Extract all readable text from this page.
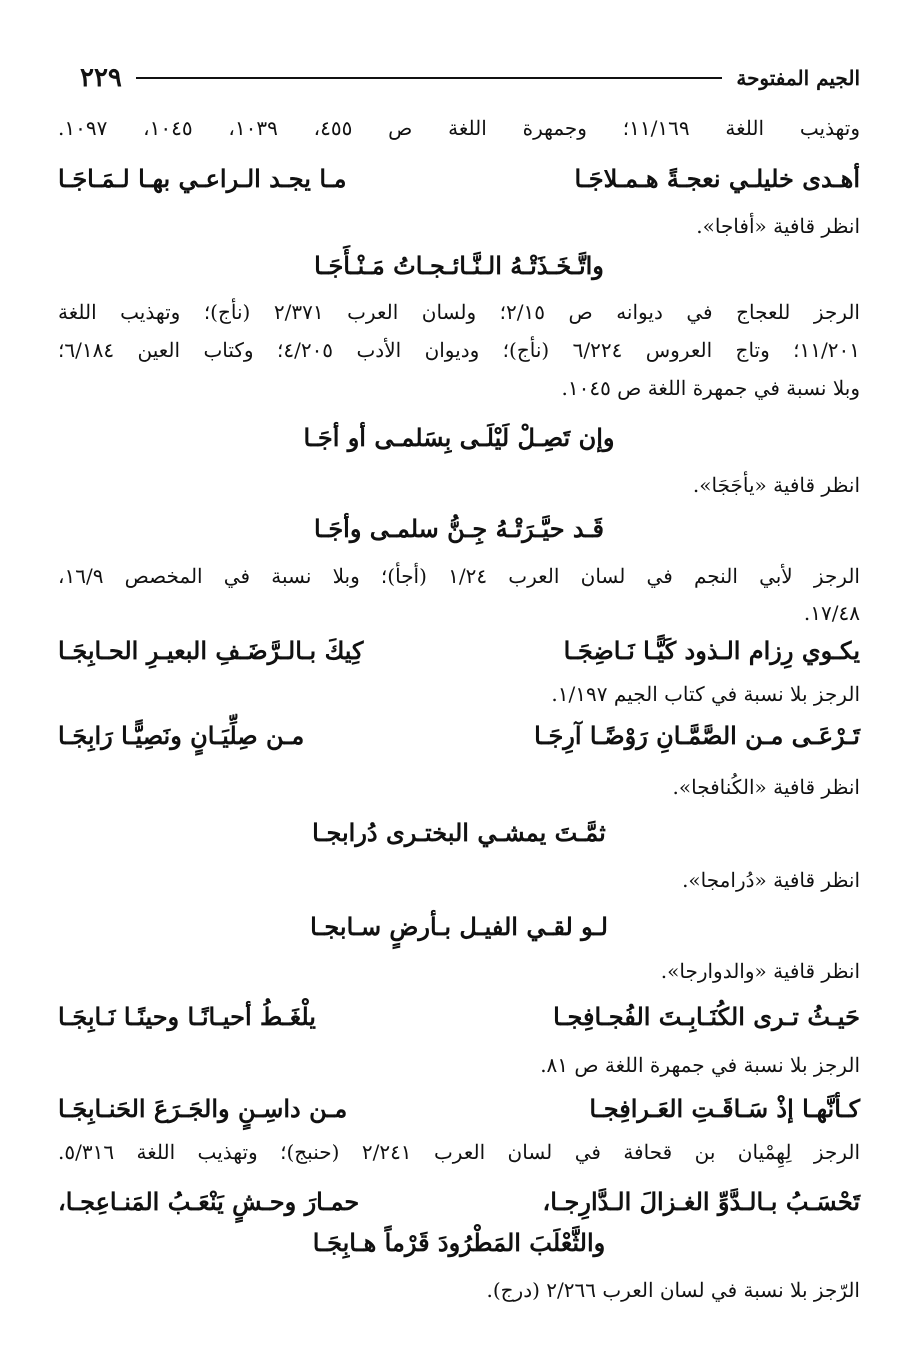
الجيم المفتوحة
٢٢٩
وتهذيب اللغة ١١/١٦٩؛ وجمهرة اللغة ص ٤٥٥، ١٠٣٩، ١٠٤٥، ١٠٩٧.
أهـدى خليلـي نعجـةً هـمـلاجَـا
مـا يجـد الـراعـي بهـا لـمَـاجَـا
انظر قافية «أفاجا».
واتَّـخَـذَتْـهُ الـنَّـائـجـاتُ مَـنْـأَجَـا
الرجز للعجاج في ديوانه ص ٢/١٥؛ ولسان العرب ٢/٣٧١ (نأج)؛ وتهذيب اللغة
١١/٢٠١؛ وتاج العروس ٦/٢٢٤ (نأج)؛ وديوان الأدب ٤/٢٠٥؛ وكتاب العين ٦/١٨٤؛
وبلا نسبة في جمهرة اللغة ص ١٠٤٥.
وإن تَصِـلْ لَيْلَـى بِسَلمـى أو أجَـا
انظر قافية «يأجَجَا».
قَـد حيَّـرَتْـهُ جِـنُّ سلمـى وأجَـا
الرجز لأبي النجم في لسان العرب ١/٢٤ (أجأ)؛ وبلا نسبة في المخصص ١٦/٩،
١٧/٤٨.
يكـوي رِزام الـذود كَيًّـا نَـاضِجَـا
كِيكَ بـالـرَّضَـفِ البعيـرِ الحـابِجَـا
الرجز بلا نسبة في كتاب الجيم ١/١٩٧.
تَـرْعَـى مـن الصَّمَّـانِ رَوْضًـا آرِجَـا
مـن صِلِّيَـانٍ ونَصِيًّـا رَابِجَـا
انظر قافية «الكُنافجا».
ثمَّـتَ يمشـي البختـرى دُرابجـا
انظر قافية «دُرامجا».
لـو لقـي الفيـل بـأرضٍ سـابجـا
انظر قافية «والدوارجا».
حَيـثُ تـرى الكُنَـابِـتَ الفُجـافِجـا
يلْغَـطُ أحيـانًـا وحينًـا نَـابِجَـا
الرجز بلا نسبة في جمهرة اللغة ص ٨١.
كـأنَّهـا إذْ سَـاقَـتِ العَـرافِجـا
مـن داسِـنٍ والجَـرَعَ الحَنـابِجَـا
الرجز لِهِمْيان بن قحافة في لسان العرب ٢/٢٤١ (حنبج)؛ وتهذيب اللغة ٥/٣١٦.
تَحْسَـبُ بـالـدَّوِّ الغـزالَ الـدَّارِجـا،
حمـارَ وحـشٍ يَنْعَـبُ المَنـاعِجـا،
والثَّعْلَبَ المَطْرُودَ قَرْماً هـابِجَـا
الرّجز بلا نسبة في لسان العرب ٢/٢٦٦ (درج).
